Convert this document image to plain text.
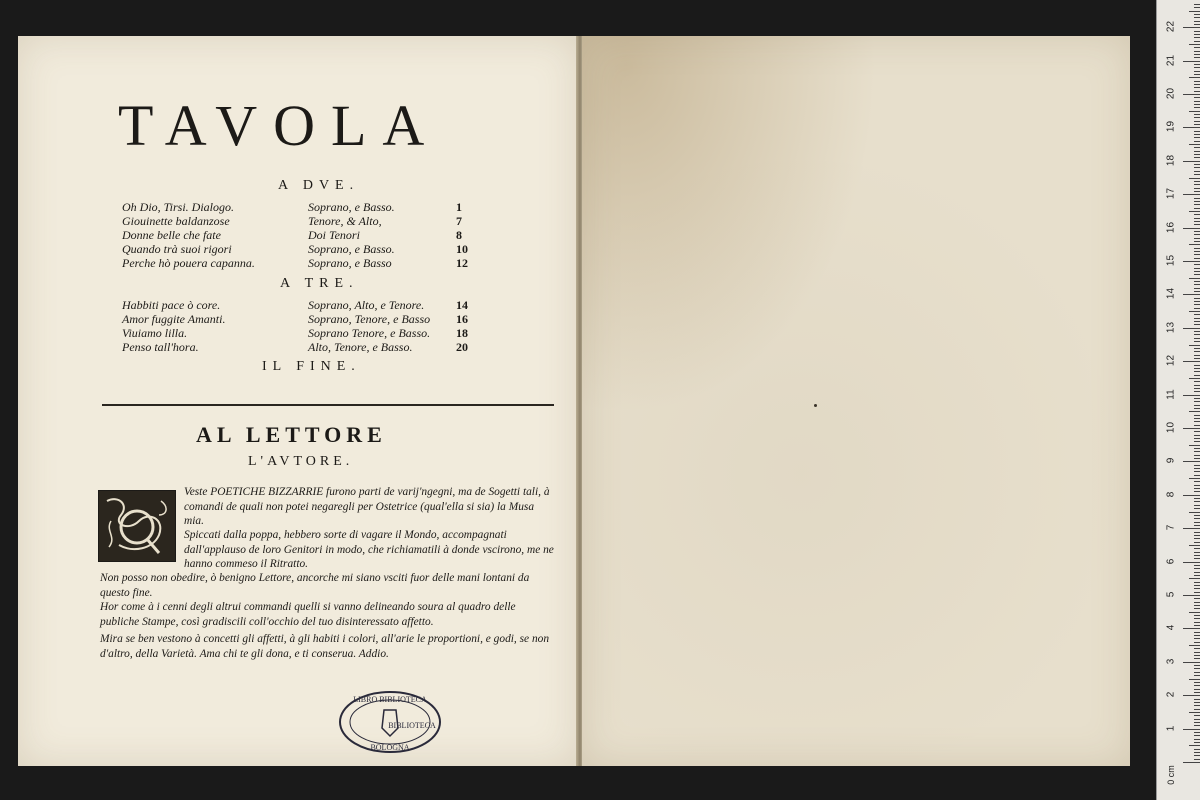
TAVOLA
A DVE.
Oh Dio, Tirsi. Dialogo.	Soprano, e Basso.	1
Giouinette baldanzose	Tenore, & Alto,	7
Donne belle che fate	Doi Tenori	8
Quando trà suoi rigori	Soprano, e Basso.	10
Perche hò pouera capanna.	Soprano, e Basso	12
A TRE.
Habbiti pace ò core.	Soprano, Alto, e Tenore.	14
Amor fuggite Amanti.	Soprano, Tenore, e Basso 16
Viuiamo lilla.	Soprano Tenore, e Basso. 18
Penso tall'hora.	Alto, Tenore, e Basso.	20
IL FINE.
AL LETTORE
L'AVTORE.

Veste POETICHE BIZZARRIE furono parti de varij'ngegni, ma de Sogetti tali, à comandi de quali non potei negaregli per Ostetrice (qual'ella si sia) la Musa mia.

Spiccati dalla poppa, hebbero sorte di vagare il Mondo, accompagnati dall'applauso de loro Genitori in modo, che richiamatili à donde vscirono, me ne hanno commeso il Ritratto.

Non posso non obedire, ò benigno Lettore, ancorche mi siano vsciti fuor delle mani lontani da questo fine.

Hor come à i cenni degli altrui commandi quelli si vanno delineando soura al quadro delle publiche Stampe, così gradiscili coll'occhio del tuo disinteressato affetto.

Mira se ben vestono à concetti gli affetti, à gli habiti i colori, all'arie le proportioni, e godi, se non d'altro, della Varietà. Ama chi te gli dona, e ti conserua. Addio.

LIBRO BIBLIOTECA
BIBLIOTECA
BOLOGNA
1
2
3
4
5
6
7
8
9
10
11
12
13
14
15
16
17
18
19
20
21
22
0 cm
